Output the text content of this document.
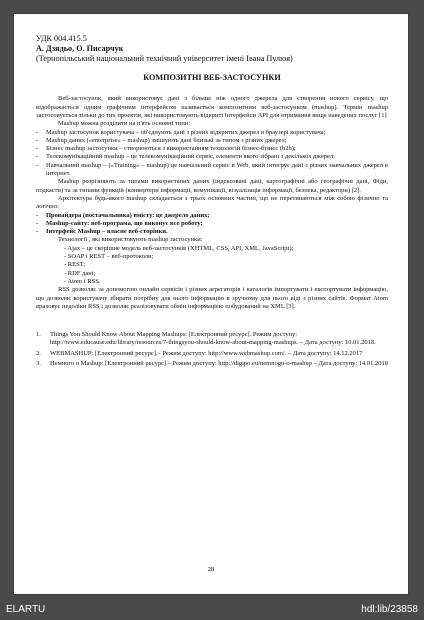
УДК 004.415.5
А. Дзядьо, О. Писарчук
(Тернопільський національний технічний університет імені Івана Пулюя)
КОМПОЗИТНІ ВЕБ-ЗАСТОСУНКИ

Веб-застосунок, який використовує дані з більше ніж одного джерела для створення нового сервісу, що відображається одним графічним інтерфейсом називається композитним веб-застосунком (mashup). Термін mashup застосовується тільки до тих проектів, які використовують відкриті інтерфейси API для отримання вище наведених послуг [1]

Mashup можна розділити на п'ять основні типи:

- Mashup застосунок користувача – об'єднують дані з різних відкритих джерел в браузері користувача;
- Mashup даних («enterprise» – mashup) змішують дані близькі за типом з різних джерел;
- Бізнес mashup застосунки – створюються з використанням технологій бізнес-бізнес (b2b);
- Телекомунікаційний mashup – це телекомунікаційний сервіс, елементи якого зібрані з декількох джерел;
- Навчальний mashup – («Training» – mashup) це навчальний сервіс в Web, який інтегрує дані з різних навчальних джерел в інтернет.

Mashup розрізняють за типами використаних даних (індексовані дані, картографічні або географічні дані, Фіди, подкасти) та за типами функцій (конвертери інформації, комунікації, візуалізація інформації, безпека, редактори) [2].

Архітектура будь-якого mashup складається з трьох основних частин, що не перетинаються між собою фізично та логічно:

- Провайдера (постачальника) вмісту: це джерело даних;
- Mashup-сайту: веб-програма, що виконує все роботу;
- Інтерфейс Mashup – власне веб-сторінки.

Технології , які використовують mashup застосунки:

- Ajax – це скорішне модель веб-застосунків (XHTML, CSS, API, XML, JavaScript);
- SOAP і REST – веб-протоколи;
- REST;
- RDF дані;
- Atom і RSS.

RSS дозволяє за допомогою онлайн сервісів і різних агрегаторів і каталогів імпортувати і експортувати інформацію, що дозволяє користувачу збирати потрібну для нього інформацію в зручному для нього віді з різних сайтів. Формат Atom враховує недоліки RSS і дозволяє реалізовувати обмін інформацією побудований на XML [3].

1. Things You Should Know About Mapping Mashups: [Електронний ресурс]. Режим доступу: http://www.educause.edu/library/resources/7-thingsyou-should-know-about-mapping-mashups. – Дата доступу: 10.01.2018.
2. WEBMASHUP: [Електронний ресурс].– Режим доступу: http://www.webmashup.com/. – Дата доступу: 14.12.2017
3. Немного о Mashup: [Електронний ресурс].– Режим доступу: http://digipo.eu/nemnogo-o-mashup – Дата доступу: 14.01.2018
28
ELARTU	hdl:lib/23858
